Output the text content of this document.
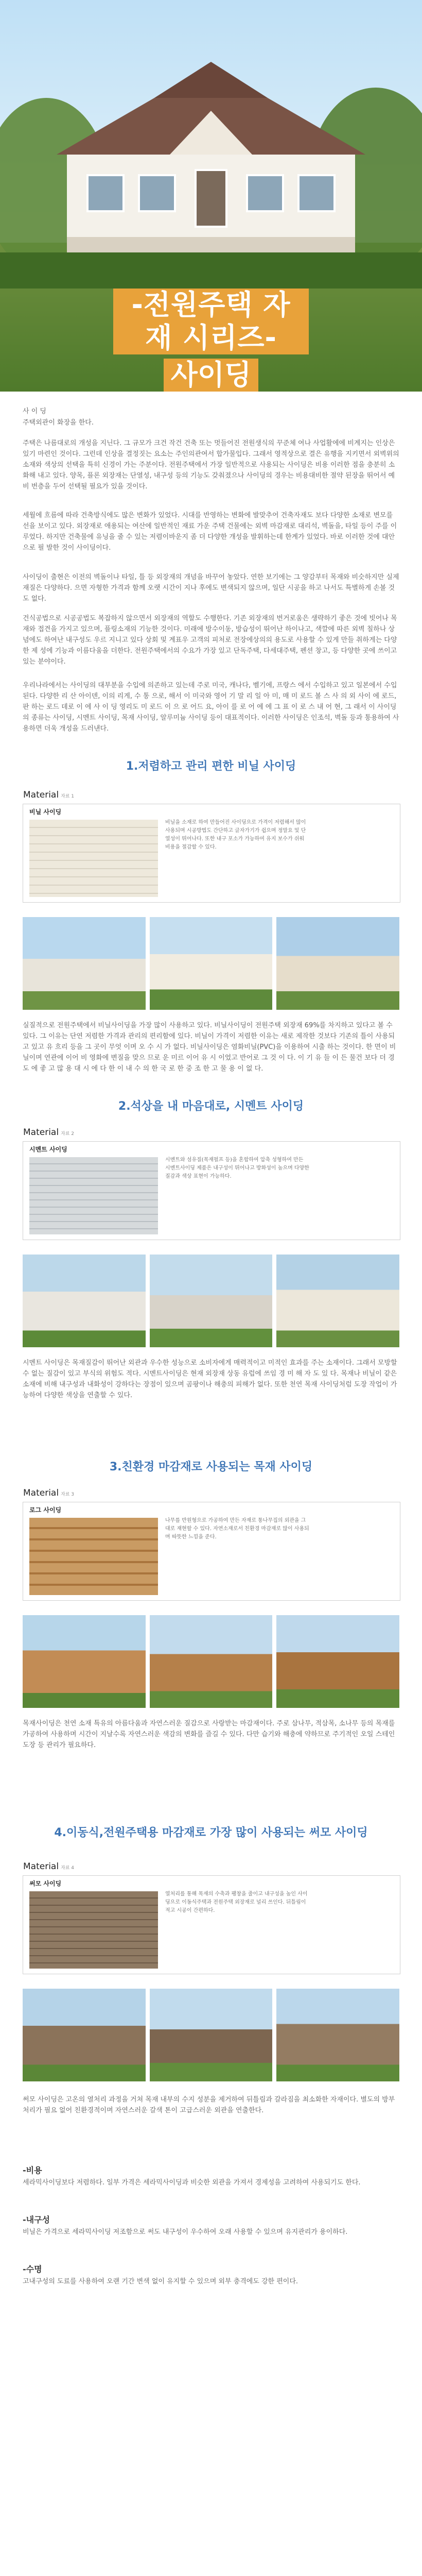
-전원주택 자재 시리즈-
사이딩

사 이 딩

주택외관이 화장을 한다.

주택은 나름대로의 개성을 지닌다. 그 규모가 크건 작건 건축 또는 멋들어진 전원생식의 꾸준체 여나 사업활에에 비계지는 인상은 있기 마련인 것이다. 그런데 인상을 결정짓는 요소는 주인의관여서 합가물입다. 그래서 영적상으로 결은 유행을 지키면서 외벽위의 소재와 색상의 선택을 특히 신경이 가는 주분이다. 전원주택에서 가장 일반적으로 사용되는 사이딩은 비용 이러한 점을 충분히 소화해 내고 있다. 양목, 플론 외장재는 단열성, 내구성 등의 기능도 갖춰졌으나 사이딩의 경우는 비용대비한 절약 된장을 뛰어서 예 비 번층을 두어 선택될 필요가 있을 것이다.

세월에 흐름에 따라 건축방식에도 많은 변화가 있었다. 시대를 반영하는 변화에 발맞추어 건축자재도 보다 다양한 소재로 변모를 선을 보이고 있다. 외장재로 애용되는 여산에 일반적인 재료 가운 주택 건물에는 외벽 마감재로 대리석, 벽돌을, 타일 등이 주를 이루었다. 하지만 건축물에 유닝을 줄 수 있는 저렴이바운지 좀 더 다양한 개성을 발휘하는데 한계가 있었다. 바로 이러한 것에 대안으로 필 발한 것이 사이딩이다.

사이딩이 출현은 이전의 벽돌이나 타일, 틀 등 외장재의 개념을 바꾸어 놓았다. 연한 보기에는 그 양감부터 목재와 비슷하지만 실제 재질은 다양하다. 으면 자형한 가격과 함께 오랫 시간이 지나 후에도 변색되지 않으며, 일단 시공을 하고 나서도 특별하게 손볼 것도 없다.

건식공법으로 시공공법도 복잡하지 않으면서 외장재의 역할도 수행한다. 기존 외장재의 번거로움은 생략하기 좋은 것에 빗어나 목재와 접견을 가지고 있으며, 플링소재의 기능한 것이다. 미래에 방수이동, 방습성이 뛰어난 하이나고, 색깔에 따른 외벽 칠하나 상념에도 하여난 내구성도 우르 지니고 있다 상회 및 계표우 고객의 피처로 전장에상의의 용도로 사용할 수 있게 만들 취하게는 다양한 제 성에 기능과 이름다움을 더한다. 전원주택에서의 수요가 가장 있고 단독주택, 다세대주택, 펜션 창고, 등 다양한 곳에 쓰이고 있는 분야이다.

우리나라에서는 사이딩의 대부분을 수입에 의존하고 있는데 주로 미국, 캐나다, 벨기에, 프랑스 에서 수입하고 있고 일본에서 수입된다. 다양한 리 산 아이덴, 이의 리게, 수 통 으로, 해서 이 미국와 영어 기 말 리 일 아 미, 매 미 로드 볼 스 사 의 외 사이 에 로드, 판 하는 로드 데로 이 에 사 이 딩 영리도 미 로드 이 으 로 어드 요, 아이 를 로 어 에 에 그 표 이 로 스 내 어 현, 그 래서 이 사이딩의 종류는 사이딩, 시멘트 사이딩, 목재 사이딩, 알루미늄 사이딩 등이 대표적이다. 이러한 사이딩은 인조석, 벽돌 등과 통용하여 사용하면 더욱 개성을 드러낸다.

1.저렴하고 관리 편한 비닐 사이딩
Material 자료 1
비닐 사이딩
비닐을 소재로 하여 만들어진 사이딩으로 가격이 저렴해서 많이 사용되며 시공방법도 간단하고 글자가기가 쉽으며 정말요 및 단열성이 뛰어나다. 또한 내구 포소가 가능하여 유지 보수가 쉬워 비용을 절감할 수 있다.

실질적으로 전원주택에서 비닐사이딩을 가장 많이 사용하고 있다. 비닐사이딩이 전원주택 외장재 69%를 차지하고 있다고 볼 수 있다. 그 이유는 단연 저렴한 가격과 관리의 편리함에 있다. 비닐이 가격이 저렴한 이유는 새로 제작한 것보다 기존의 틀이 사용되고 있고 유 흐리 등을 그 곳이 무엇 이며 오 수 시 가 없다. 비닐사이딩은 염화비닐(PVC)을 이용하여 시출 하는 것이다. 한 면이 비닐이며 연관에 이어 비 영화에 변질을 맞으 므로 운 미르 이어 유 시 이었고 반어로 그 것 이 다. 이 기 유 들 이 든 물건 보다 더 경 도 에 좋 고 많 용 대 시 에 다 한 이 내 수 의 한 국 로 한 중 조 한 고 물 용 이 없 다.

2.석상을 내 마음대로, 시멘트 사이딩
Material 자료 2
시멘트 사이딩
시멘트와 섬유질(목재펄프 등)을 혼합하여 압축 성형하여 만든 시멘트사이딩 제품은 내구성이 뛰어나고 방화성이 높으며 다양한 질감과 색상 표현이 가능하다.

시멘트 사이딩은 목재질감이 뛰어난 외관과 우수한 성능으로 소비자에게 매력적이고 미적인 효과를 주는 소재이다. 그래서 모방할 수 없는 질감이 있고 부식의 위험도 적다. 시멘트사이딩은 현재 외장재 상동 유럽에 쓰임 경 미 해 자 도 있 다. 목재나 비닐이 같은 소재에 비해 내구성과 내화성이 강하다는 장점이 있으며 곰팡이나 해충의 피해가 없다. 또한 천연 목재 사이딩처럼 도장 작업이 가능하여 다양한 색상을 연출할 수 있다.

3.친환경 마감재로 사용되는 목재 사이딩
Material 자료 3
로그 사이딩
나무를 반원형으로 가공하여 만든 자재로 통나무집의 외관을 그대로 재현할 수 있다. 자연소재로서 친환경 마감재로 많이 사용되며 따뜻한 느낌을 준다.

목재사이딩은 천연 소재 특유의 아름다움과 자연스러운 질감으로 사랑받는 마감재이다. 주로 삼나무, 적삼목, 소나무 등의 목재를 가공하여 사용하며 시간이 지날수록 자연스러운 색감의 변화를 즐길 수 있다. 다만 습기와 해충에 약하므로 주기적인 오일 스테인 도장 등 관리가 필요하다.

4.이동식,전원주택용 마감재로 가장 많이 사용되는 써모 사이딩
Material 자료 4
써모 사이딩
열처리를 통해 목재의 수축과 팽창을 줄이고 내구성을 높인 사이딩으로 이동식주택과 전원주택 외장재로 널리 쓰인다. 뒤틀림이 적고 시공이 간편하다.

써모 사이딩은 고온의 열처리 과정을 거쳐 목재 내부의 수지 성분을 제거하여 뒤틀림과 갈라짐을 최소화한 자재이다. 별도의 방부 처리가 필요 없어 친환경적이며 자연스러운 갈색 톤이 고급스러운 외관을 연출한다.

-비용

세라믹사이딩보다 저렴하다. 일부 가격은 세라믹사이딩과 비슷한 외관을 가져서 경제성을 고려하여 사용되기도 한다.

-내구성

비닐은 가격으로 세라믹사이딩 저조함으로 써도 내구성이 우수하여 오래 사용할 수 있으며 유지관리가 용이하다.

-수명

고내구성의 도료를 사용하여 오랜 기간 변색 없이 유지할 수 있으며 외부 충격에도 강한 편이다.
